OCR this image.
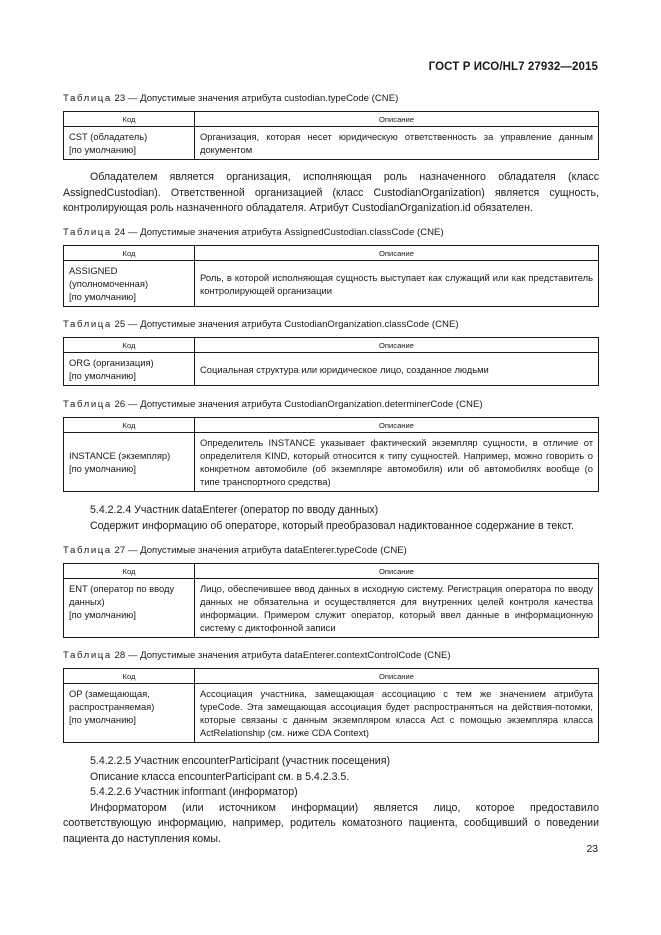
ГОСТ Р ИСО/HL7 27932—2015
Таблица 23 — Допустимые значения атрибута custodian.typeCode (CNE)
Код	Описание

CST (обладатель)
[по умолчанию]	Организация, которая несет юридическую ответственность за управление данным документом

Обладателем является организация, исполняющая роль назначенного обладателя (класс AssignedCustodian). Ответственной организацией (класс CustodianOrganization) является сущность, контролирующая роль назначенного обладателя. Атрибут CustodianOrganization.id обязателен.

Таблица 24 — Допустимые значения атрибута AssignedCustodian.classCode (CNE)
Код	Описание

ASSIGNED
(уполномоченная)
[по умолчанию]	Роль, в которой исполняющая сущность выступает как служащий или как представитель контролирующей организации
Таблица 25 — Допустимые значения атрибута CustodianOrganization.classCode (CNE)
Код	Описание

ORG (организация)
[по умолчанию]	Социальная структура или юридическое лицо, созданное людьми
Таблица 26 — Допустимые значения атрибута CustodianOrganization.determinerCode (CNE)
Код	Описание

INSTANCE (экземпляр)
[по умолчанию]	Определитель INSTANCE указывает фактический экземпляр сущности, в отличие от определителя KIND, который относится к типу сущностей. Например, можно говорить о конкретном автомобиле (об экземпляре автомобиля) или об автомобилях вообще (о типе транспортного средства)

5.4.2.2.4 Участник dataEnterer (оператор по вводу данных)

Содержит информацию об операторе, который преобразовал надиктованное содержание в текст.

Таблица 27 — Допустимые значения атрибута dataEnterer.typeCode (CNE)
Код	Описание

ENT (оператор по вводу данных)
[по умолчанию]	Лицо, обеспечившее ввод данных в исходную систему. Регистрация оператора по вводу данных не обязательна и осуществляется для внутренних целей контроля качества информации. Примером служит оператор, который ввел данные в информационную систему с диктофонной записи
Таблица 28 — Допустимые значения атрибута dataEnterer.contextControlCode (CNE)
Код	Описание

OP (замещающая, распространяемая)
[по умолчанию]	Ассоциация участника, замещающая ассоциацию с тем же значением атрибута typeCode. Эта замещающая ассоциация будет распространяться на действия-потомки, которые связаны с данным экземпляром класса Act с помощью экземпляра класса ActRelationship (см. ниже CDA Context)

5.4.2.2.5 Участник encounterParticipant (участник посещения)

Описание класса encounterParticipant см. в 5.4.2.3.5.

5.4.2.2.6 Участник informant (информатор)

Информатором (или источником информации) является лицо, которое предоставило соответствующую информацию, например, родитель коматозного пациента, сообщивший о поведении пациента до наступления комы.

23
